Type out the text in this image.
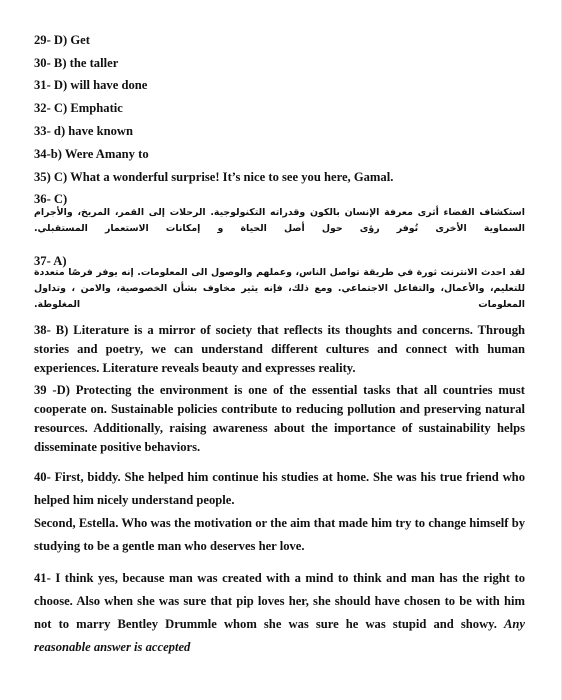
29- D) Get
30- B) the taller
31- D) will have done
32- C) Emphatic
33- d) have known
34-b) Were Amany to
35) C) What a wonderful surprise! It’s nice to see you here, Gamal.
36- C)
استكشاف الفضاء أثرى معرفة الإنسان بالكون وقدراته التكنولوجية. الرحلات إلى القمر، المريخ، والأجرام السماوية الأخرى تُوفر رؤى حول أصل الحياة و إمكانات الاستعمار المستقبلي.
37- A)
لقد احدث الانترنت ثورة في طريقة تواصل الناس، وعملهم والوصول الى المعلومات. إنه يوفر فرصًا متعددة للتعليم، والأعمال، والتفاعل الاجتماعي. ومع ذلك، فإنه يثير مخاوف بشأن الخصوصية، والامن ، وتداول المعلومات المغلوطة.
38- B) Literature is a mirror of society that reflects its thoughts and concerns. Through stories and poetry, we can understand different cultures and connect with human experiences. Literature reveals beauty and expresses reality.
39 -D) Protecting the environment is one of the essential tasks that all countries must cooperate on. Sustainable policies contribute to reducing pollution and preserving natural resources. Additionally, raising awareness about the importance of sustainability helps disseminate positive behaviors.
40- First, biddy. She helped him continue his studies at home. She was his true friend who helped him nicely understand people.
Second, Estella. Who was the motivation or the aim that made him try to change himself by studying to be a gentle man who deserves her love.
41- I think yes, because man was created with a mind to think and man has the right to choose. Also when she was sure that pip loves her, she should have chosen to be with him not to marry Bentley Drummle whom she was sure he was stupid and showy. Any reasonable answer is accepted
